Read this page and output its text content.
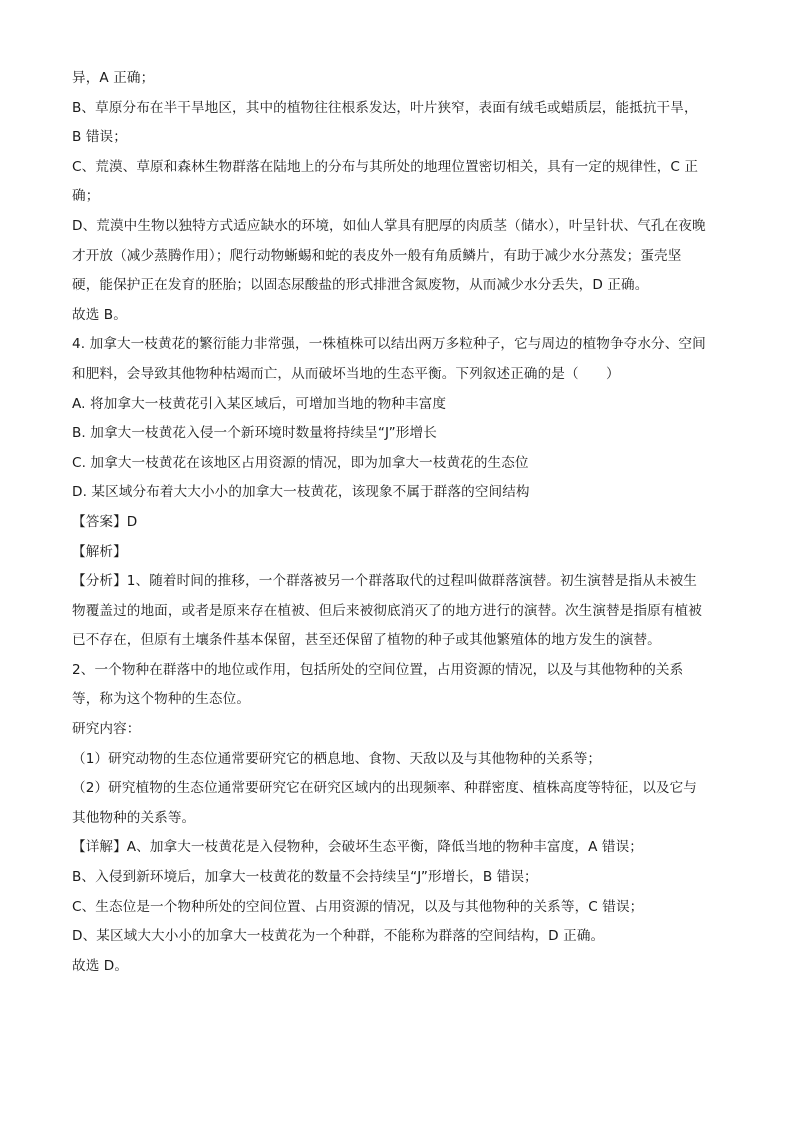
异，A 正确；

B、草原分布在半干旱地区，其中的植物往往根系发达，叶片狭窄，表面有绒毛或蜡质层，能抵抗干旱，

B 错误；

C、荒漠、草原和森林生物群落在陆地上的分布与其所处的地理位置密切相关，具有一定的规律性，C 正

确；

D、荒漠中生物以独特方式适应缺水的环境，如仙人掌具有肥厚的肉质茎（储水），叶呈针状、气孔在夜晚

才开放（减少蒸腾作用）；爬行动物蜥蜴和蛇的表皮外一般有角质鳞片，有助于减少水分蒸发；蛋壳坚

硬，能保护正在发育的胚胎；以固态尿酸盐的形式排泄含氮废物，从而减少水分丢失，D 正确。

故选 B。

4. 加拿大一枝黄花的繁衍能力非常强，一株植株可以结出两万多粒种子，它与周边的植物争夺水分、空间

和肥料，会导致其他物种枯竭而亡，从而破坏当地的生态平衡。下列叙述正确的是（　　）

A. 将加拿大一枝黄花引入某区域后，可增加当地的物种丰富度

B. 加拿大一枝黄花入侵一个新环境时数量将持续呈“J”形增长

C. 加拿大一枝黄花在该地区占用资源的情况，即为加拿大一枝黄花的生态位

D. 某区域分布着大大小小的加拿大一枝黄花，该现象不属于群落的空间结构

【答案】D

【解析】

【分析】1、随着时间的推移，一个群落被另一个群落取代的过程叫做群落演替。初生演替是指从未被生

物覆盖过的地面，或者是原来存在植被、但后来被彻底消灭了的地方进行的演替。次生演替是指原有植被

已不存在，但原有土壤条件基本保留，甚至还保留了植物的种子或其他繁殖体的地方发生的演替。

2、一个物种在群落中的地位或作用，包括所处的空间位置，占用资源的情况，以及与其他物种的关系

等，称为这个物种的生态位。

研究内容：

（1）研究动物的生态位通常要研究它的栖息地、食物、天敌以及与其他物种的关系等；

（2）研究植物的生态位通常要研究它在研究区域内的出现频率、种群密度、植株高度等特征，以及它与

其他物种的关系等。

【详解】A、加拿大一枝黄花是入侵物种，会破坏生态平衡，降低当地的物种丰富度，A 错误；

B、入侵到新环境后，加拿大一枝黄花的数量不会持续呈“J”形增长，B 错误；

C、生态位是一个物种所处的空间位置、占用资源的情况，以及与其他物种的关系等，C 错误；

D、某区域大大小小的加拿大一枝黄花为一个种群，不能称为群落的空间结构，D 正确。

故选 D。
